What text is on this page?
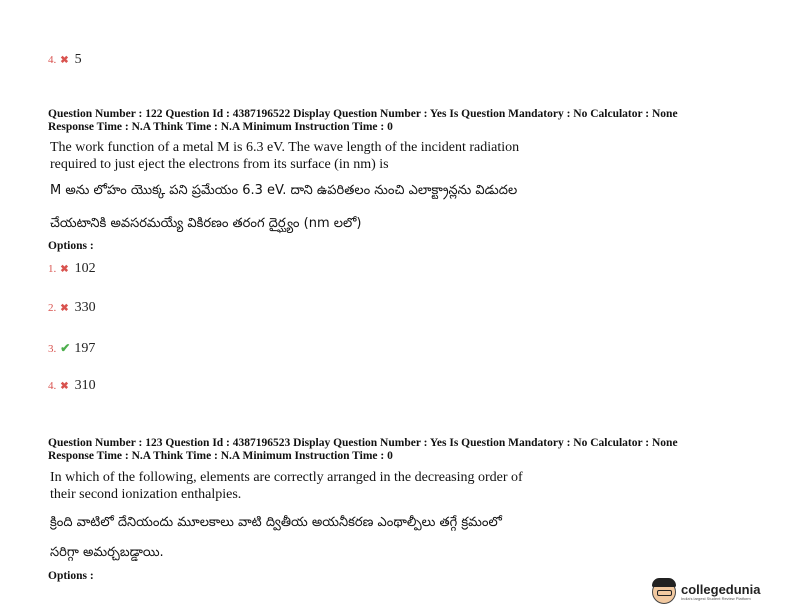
4. ✖ 5
Question Number : 122 Question Id : 4387196522 Display Question Number : Yes Is Question Mandatory : No Calculator : None
Response Time : N.A Think Time : N.A Minimum Instruction Time : 0
The work function of a metal M is 6.3 eV. The wave length of the incident radiation
required to just eject the electrons from its surface (in nm) is
M అను లోహం యొక్క పని ప్రమేయం 6.3 eV. దాని ఉపరితలం నుంచి ఎలాక్ట్రాన్లను విడుదల
చేయటానికి అవసరమయ్యే వికిరణం తరంగ దైర్ఘ్యం (nm లలో)
Options :
1. ✖ 102
2. ✖ 330
3. ✔ 197
4. ✖ 310
Question Number : 123 Question Id : 4387196523 Display Question Number : Yes Is Question Mandatory : No Calculator : None
Response Time : N.A Think Time : N.A Minimum Instruction Time : 0
In which of the following, elements are correctly arranged in the decreasing order of
their second ionization enthalpies.
క్రింది వాటిలో దేనియందు మూలకాలు వాటి ద్వితీయ అయనీకరణ ఎంథాల్పీలు తగ్గే క్రమంలో
సరిగ్గా అమర్చబడ్డాయి.
Options :
collegedunia
India's largest Student Review Platform
